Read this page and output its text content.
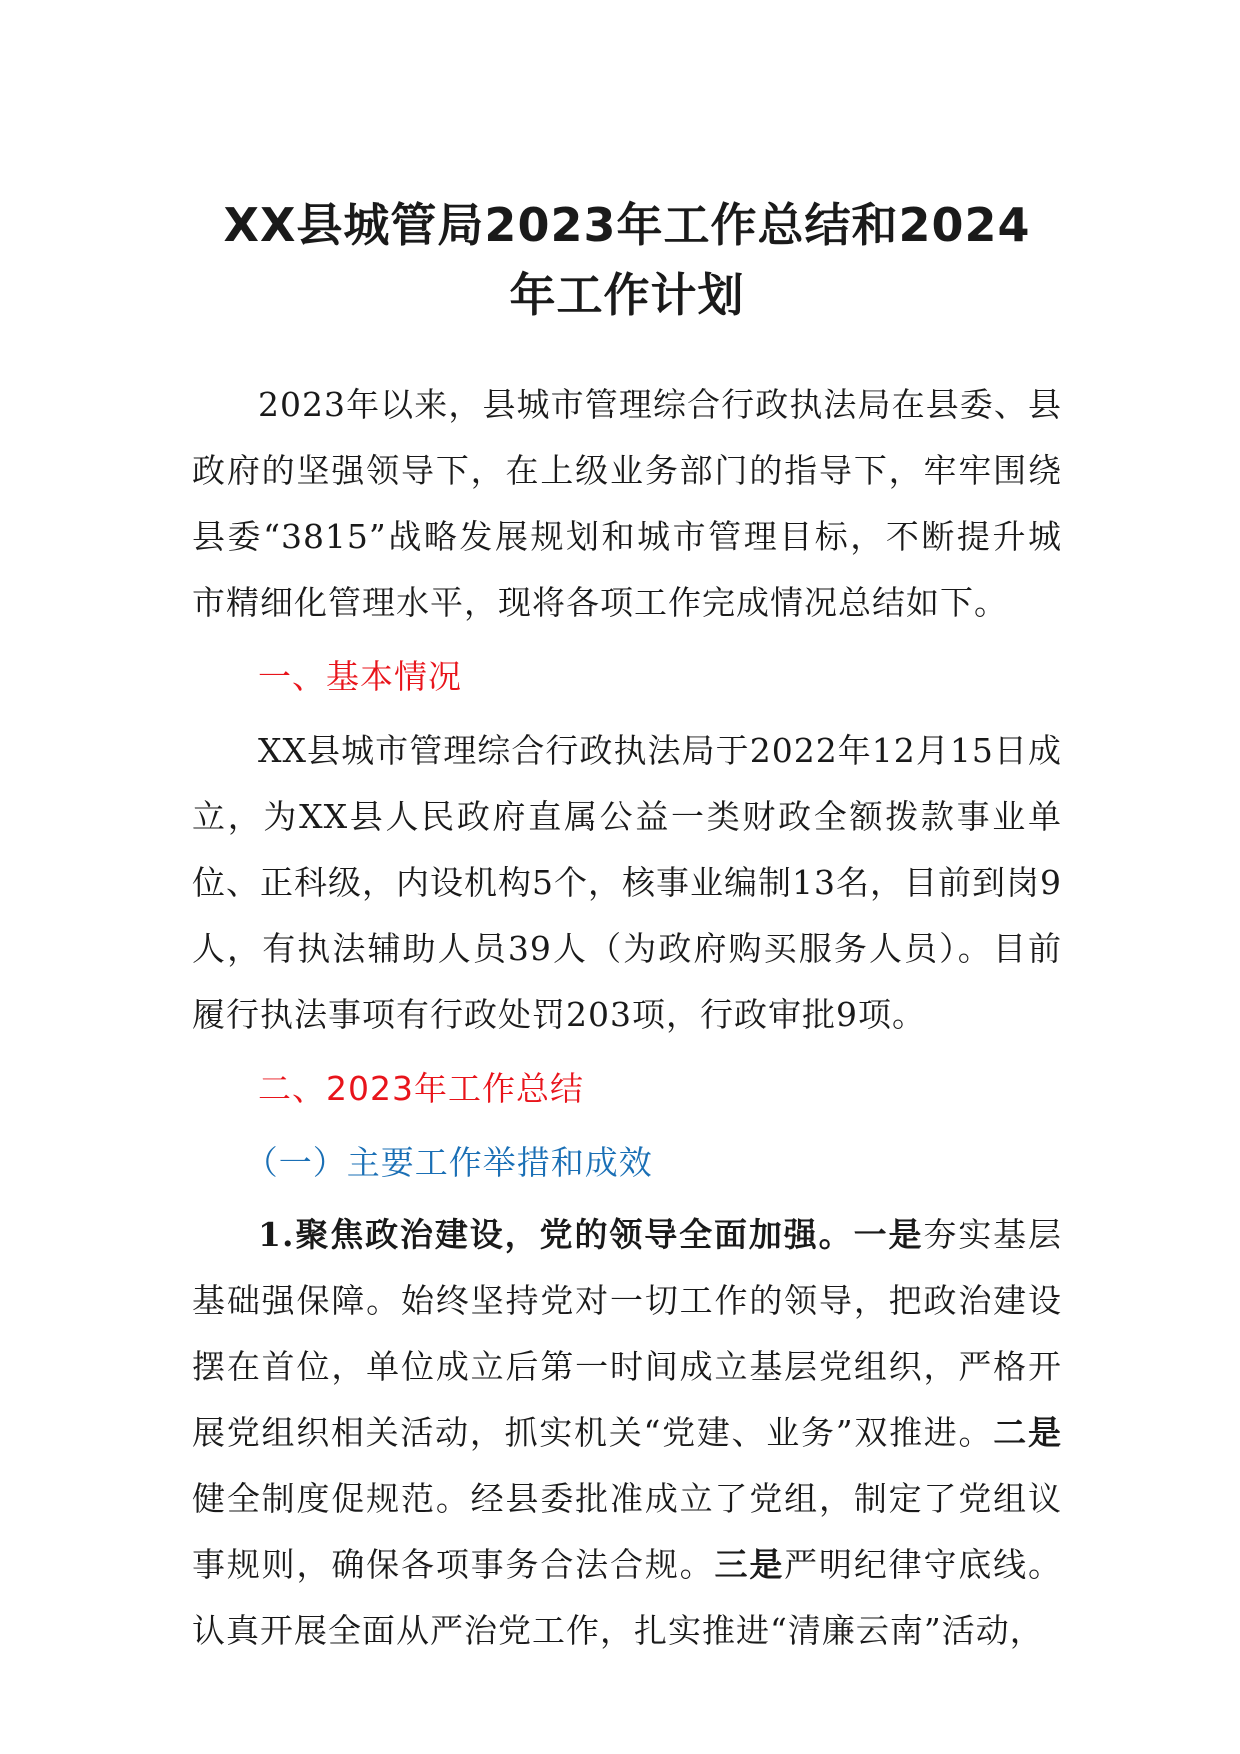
XX县城管局2023年工作总结和2024
年工作计划

2023年以来，县城市管理综合行政执法局在县委、县政府的坚强领导下，在上级业务部门的指导下，牢牢围绕县委“3815”战略发展规划和城市管理目标，不断提升城市精细化管理水平，现将各项工作完成情况总结如下。

一、基本情况

XX县城市管理综合行政执法局于2022年12月15日成立，为XX县人民政府直属公益一类财政全额拨款事业单位、正科级，内设机构5个，核事业编制13名，目前到岗9人，有执法辅助人员39人（为政府购买服务人员）。目前履行执法事项有行政处罚203项，行政审批9项。

二、2023年工作总结
（一）主要工作举措和成效

1.聚焦政治建设，党的领导全面加强。一是夯实基层基础强保障。始终坚持党对一切工作的领导，把政治建设摆在首位，单位成立后第一时间成立基层党组织，严格开展党组织相关活动，抓实机关“党建、业务”双推进。二是健全制度促规范。经县委批准成立了党组，制定了党组议事规则，确保各项事务合法合规。三是严明纪律守底线。认真开展全面从严治党工作，扎实推进“清廉云南”活动，
